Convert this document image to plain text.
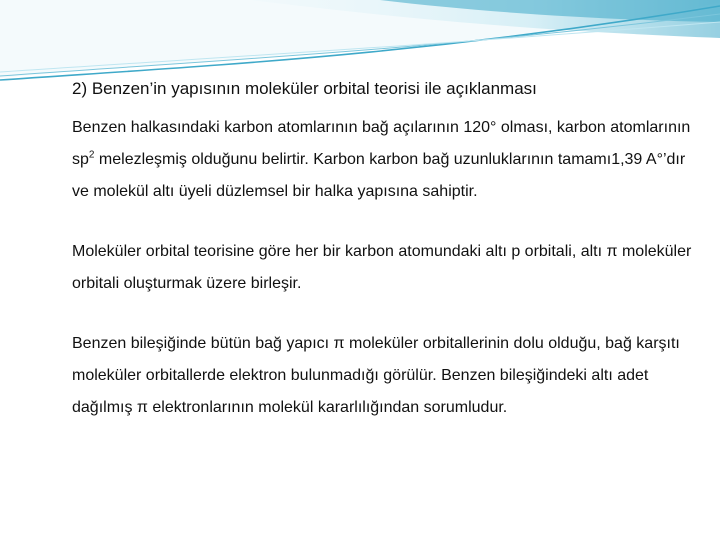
2) Benzen’in yapısının moleküler orbital teorisi ile açıklanması

Benzen halkasındaki karbon atomlarının bağ açılarının 120° olması, karbon atomlarının $sp^2$ melezleşmiş olduğunu belirtir. Karbon karbon bağ uzunluklarının tamamı1,39 A°’dır ve molekül altı üyeli düzlemsel bir halka yapısına sahiptir.

Moleküler orbital teorisine göre her bir karbon atomundaki altı p orbitali, altı π moleküler orbitali oluşturmak üzere birleşir.

Benzen bileşiğinde bütün bağ yapıcı π moleküler orbitallerinin dolu olduğu, bağ karşıtı moleküler orbitallerde elektron bulunmadığı görülür. Benzen bileşiğindeki altı adet dağılmış π elektronlarının molekül kararlılığından sorumludur.
